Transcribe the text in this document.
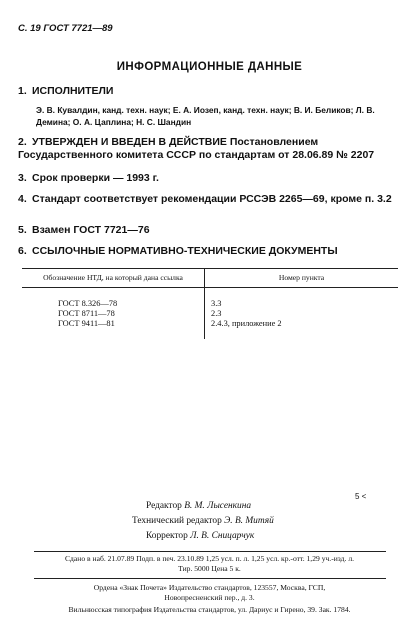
С. 19 ГОСТ 7721—89
ИНФОРМАЦИОННЫЕ ДАННЫЕ
1. ИСПОЛНИТЕЛИ
Э. В. Кувалдин, канд. техн. наук; Е. А. Иозеп, канд. техн. наук; В. И. Беликов; Л. В. Демина; О. А. Цаплина; Н. С. Шандин
2. УТВЕРЖДЕН И ВВЕДЕН В ДЕЙСТВИЕ Постановлением Государственного комитета СССР по стандартам от 28.06.89 № 2207
3. Срок проверки — 1993 г.
4. Стандарт соответствует рекомендации РССЭВ 2265—69, кроме п. 3.2
5. Взамен ГОСТ 7721—76
6. ССЫЛОЧНЫЕ НОРМАТИВНО-ТЕХНИЧЕСКИЕ ДОКУМЕНТЫ
Обозначение НТД, на который дана ссылка	Номер пункта
ГОСТ 8.326—78	3.3
ГОСТ 8711—78	2.3
ГОСТ 9411—81	2.4.3, приложение 2
5 <
Редактор В. М. Лысенкина
Технический редактор Э. В. Митяй
Корректор Л. В. Сницарчук
Сдано в наб. 21.07.89 Подп. в печ. 23.10.89 1,25 усл. п. л. 1,25 усл. кр.-отт. 1,29 уч.-изд. л.
Тир. 5000 Цена 5 к.
Ордена «Знак Почета» Издательство стандартов, 123557, Москва, ГСП,
Новопресненский пер., д. 3.
Вильнюсская типография Издательства стандартов, ул. Дариус и Гирено, 39. Зак. 1784.
